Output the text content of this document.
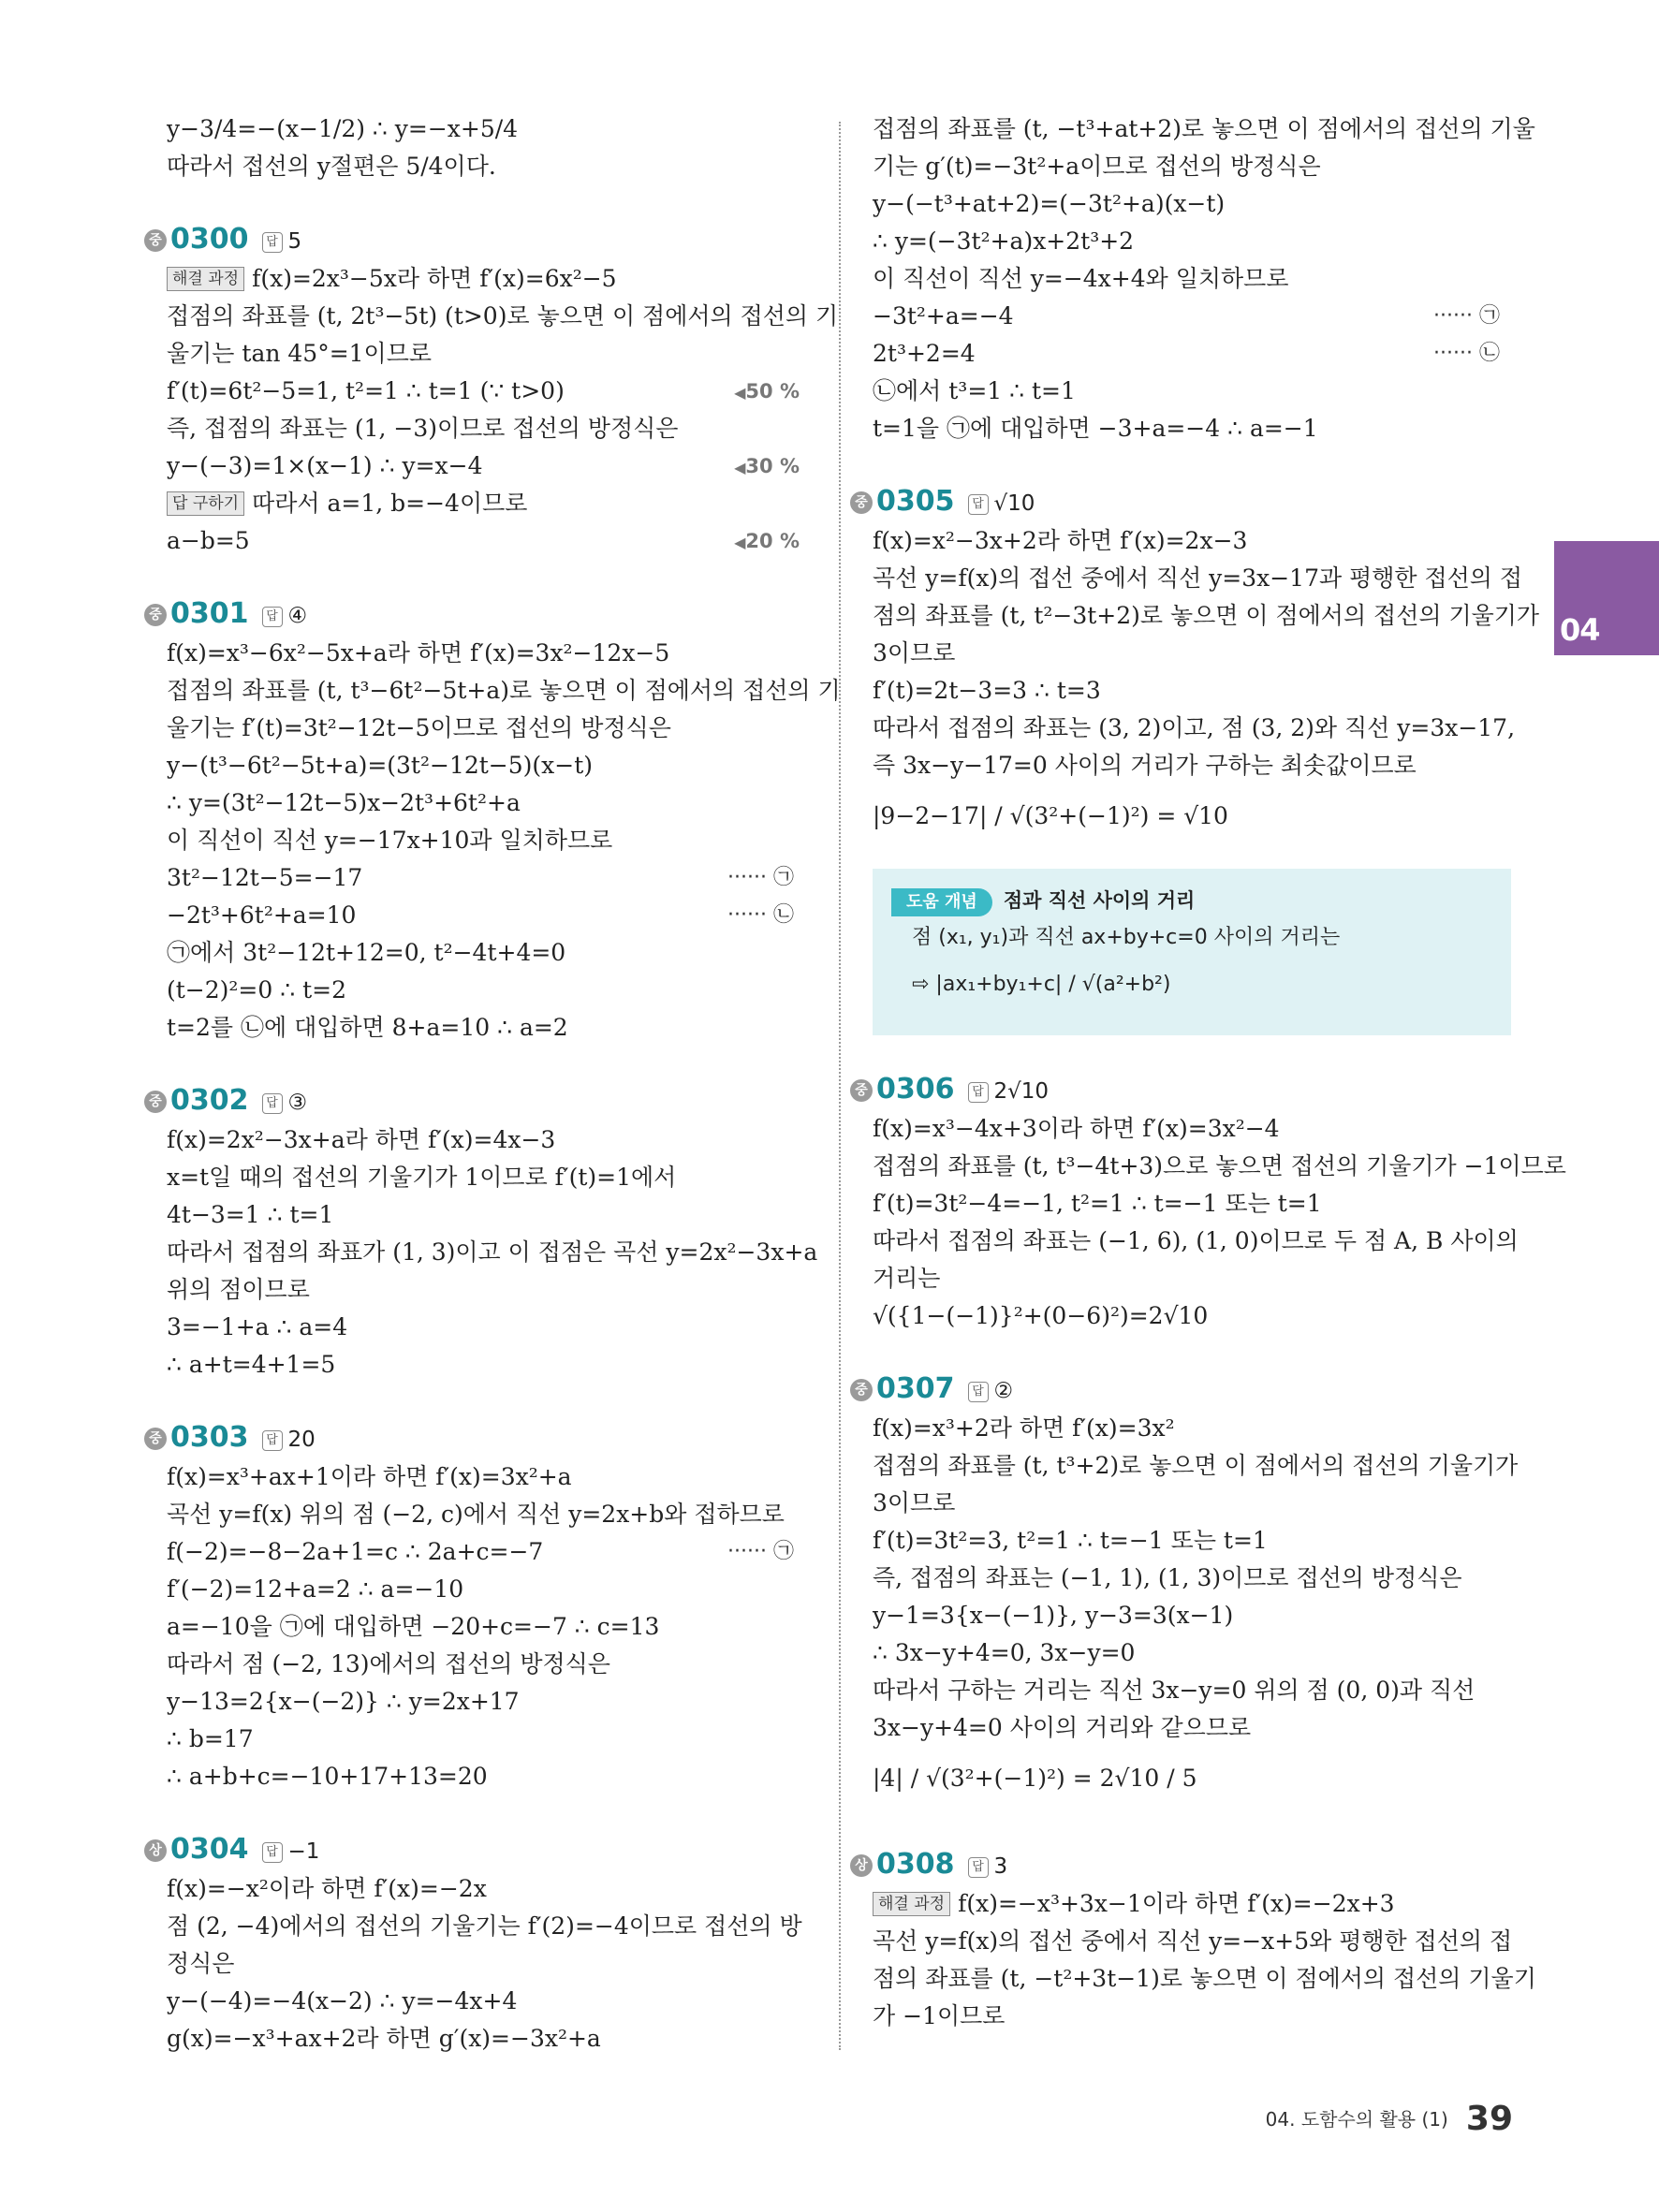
y−3/4=−(x−1/2) ∴ y=−x+5/4
따라서 접선의 y절편은 5/4이다.
중 0300 답 5
해결 과정 f(x)=2x³−5x라 하면 f′(x)=6x²−5
접점의 좌표를 (t, 2t³−5t) (t>0)로 놓으면 이 점에서의 접선의 기
울기는 tan 45°=1이므로
f′(t)=6t²−5=1, t²=1 ∴ t=1 (∵ t>0)	◀ 50 %
즉, 접점의 좌표는 (1, −3)이므로 접선의 방정식은
y−(−3)=1×(x−1) ∴ y=x−4	◀ 30 %
답 구하기 따라서 a=1, b=−4이므로
a−b=5	◀ 20 %
중 0301 답 ④
f(x)=x³−6x²−5x+a라 하면 f′(x)=3x²−12x−5
접점의 좌표를 (t, t³−6t²−5t+a)로 놓으면 이 점에서의 접선의 기
울기는 f′(t)=3t²−12t−5이므로 접선의 방정식은
y−(t³−6t²−5t+a)=(3t²−12t−5)(x−t)
∴ y=(3t²−12t−5)x−2t³+6t²+a
이 직선이 직선 y=−17x+10과 일치하므로
3t²−12t−5=−17	······ ㉠
−2t³+6t²+a=10	······ ㉡
㉠에서 3t²−12t+12=0, t²−4t+4=0
(t−2)²=0 ∴ t=2
t=2를 ㉡에 대입하면 8+a=10 ∴ a=2
중 0302 답 ③
f(x)=2x²−3x+a라 하면 f′(x)=4x−3
x=t일 때의 접선의 기울기가 1이므로 f′(t)=1에서
4t−3=1 ∴ t=1
따라서 접점의 좌표가 (1, 3)이고 이 접점은 곡선 y=2x²−3x+a
위의 점이므로
3=−1+a ∴ a=4
∴ a+t=4+1=5
중 0303 답 20
f(x)=x³+ax+1이라 하면 f′(x)=3x²+a
곡선 y=f(x) 위의 점 (−2, c)에서 직선 y=2x+b와 접하므로
f(−2)=−8−2a+1=c ∴ 2a+c=−7	······ ㉠
f′(−2)=12+a=2 ∴ a=−10
a=−10을 ㉠에 대입하면 −20+c=−7 ∴ c=13
따라서 점 (−2, 13)에서의 접선의 방정식은
y−13=2{x−(−2)} ∴ y=2x+17
∴ b=17
∴ a+b+c=−10+17+13=20
상 0304 답 −1
f(x)=−x²이라 하면 f′(x)=−2x
점 (2, −4)에서의 접선의 기울기는 f′(2)=−4이므로 접선의 방
정식은
y−(−4)=−4(x−2) ∴ y=−4x+4
g(x)=−x³+ax+2라 하면 g′(x)=−3x²+a
접점의 좌표를 (t, −t³+at+2)로 놓으면 이 점에서의 접선의 기울
기는 g′(t)=−3t²+a이므로 접선의 방정식은
y−(−t³+at+2)=(−3t²+a)(x−t)
∴ y=(−3t²+a)x+2t³+2
이 직선이 직선 y=−4x+4와 일치하므로
−3t²+a=−4	······ ㉠
2t³+2=4	······ ㉡
㉡에서 t³=1 ∴ t=1
t=1을 ㉠에 대입하면 −3+a=−4 ∴ a=−1
중 0305 답 √10
f(x)=x²−3x+2라 하면 f′(x)=2x−3
곡선 y=f(x)의 접선 중에서 직선 y=3x−17과 평행한 접선의 접
점의 좌표를 (t, t²−3t+2)로 놓으면 이 점에서의 접선의 기울기가
3이므로
f′(t)=2t−3=3 ∴ t=3
따라서 접점의 좌표는 (3, 2)이고, 점 (3, 2)와 직선 y=3x−17,
즉 3x−y−17=0 사이의 거리가 구하는 최솟값이므로
|9−2−17| / √(3²+(−1)²) = √10
도움 개념 점과 직선 사이의 거리
점 (x₁, y₁)과 직선 ax+by+c=0 사이의 거리는
⇨ |ax₁+by₁+c| / √(a²+b²)
중 0306 답 2√10
f(x)=x³−4x+3이라 하면 f′(x)=3x²−4
접점의 좌표를 (t, t³−4t+3)으로 놓으면 접선의 기울기가 −1이므로
f′(t)=3t²−4=−1, t²=1 ∴ t=−1 또는 t=1
따라서 접점의 좌표는 (−1, 6), (1, 0)이므로 두 점 A, B 사이의
거리는
√({1−(−1)}²+(0−6)²)=2√10
중 0307 답 ②
f(x)=x³+2라 하면 f′(x)=3x²
접점의 좌표를 (t, t³+2)로 놓으면 이 점에서의 접선의 기울기가
3이므로
f′(t)=3t²=3, t²=1 ∴ t=−1 또는 t=1
즉, 접점의 좌표는 (−1, 1), (1, 3)이므로 접선의 방정식은
y−1=3{x−(−1)}, y−3=3(x−1)
∴ 3x−y+4=0, 3x−y=0
따라서 구하는 거리는 직선 3x−y=0 위의 점 (0, 0)과 직선
3x−y+4=0 사이의 거리와 같으므로
|4| / √(3²+(−1)²) = 2√10 / 5
상 0308 답 3
해결 과정 f(x)=−x³+3x−1이라 하면 f′(x)=−2x+3
곡선 y=f(x)의 접선 중에서 직선 y=−x+5와 평행한 접선의 접
점의 좌표를 (t, −t²+3t−1)로 놓으면 이 점에서의 접선의 기울기
가 −1이므로
04
04. 도함수의 활용 (1) 39
